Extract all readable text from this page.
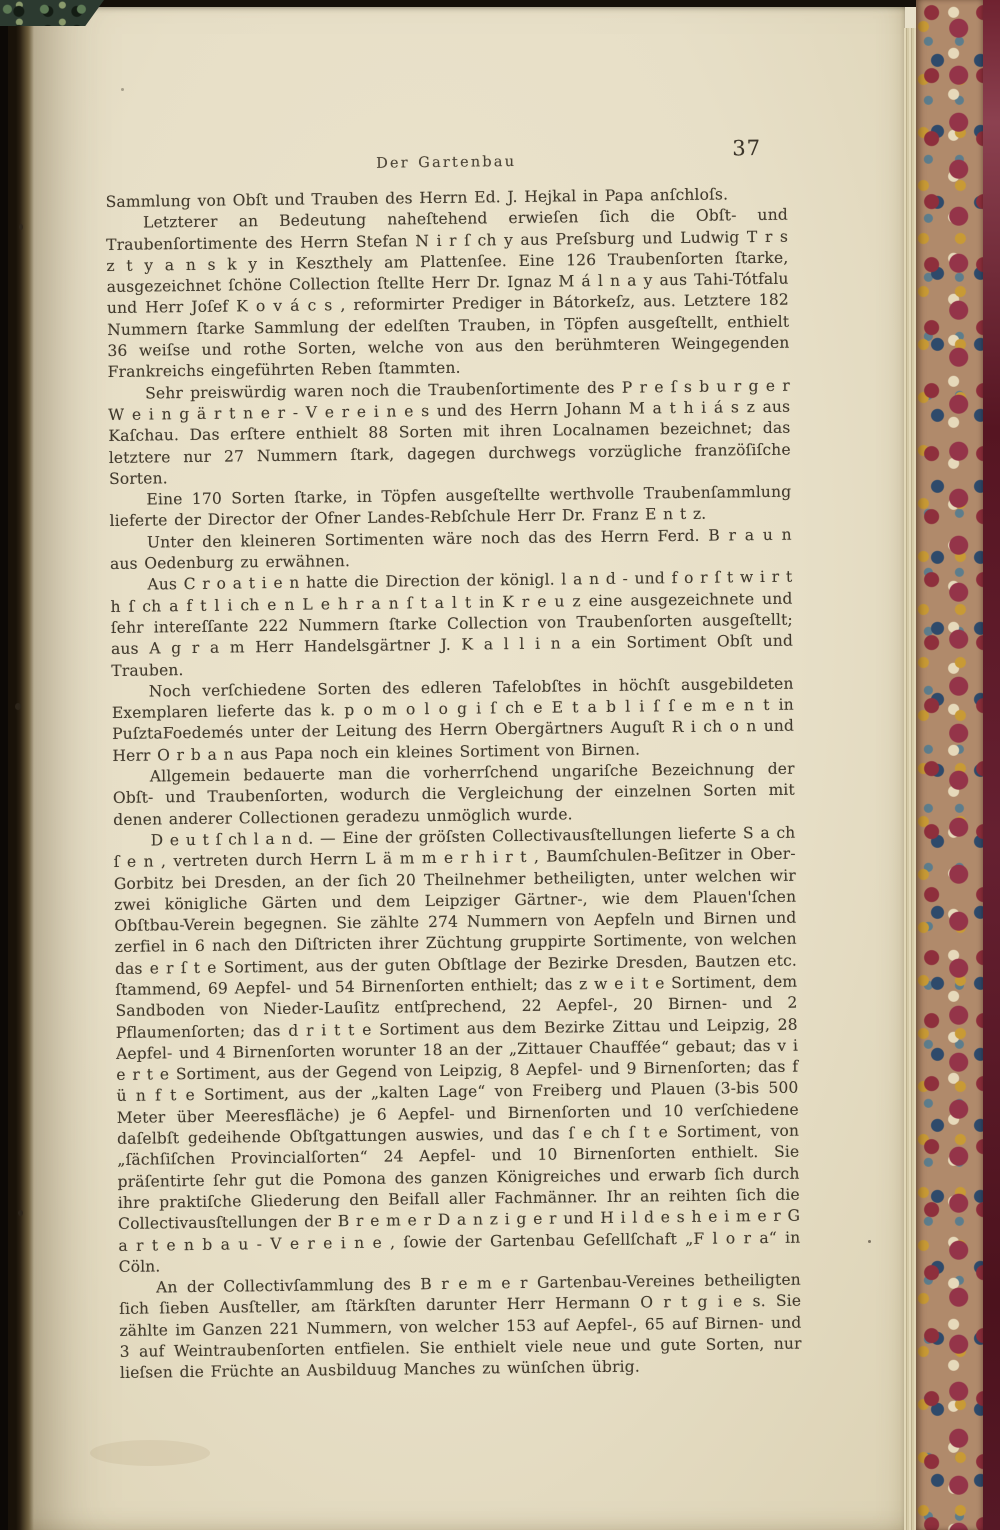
Der Gartenbau
37

Sammlung von Obſt und Trauben des Herrn Ed. J. Hejkal in Papa anſchloſs.

Letzterer an Bedeutung naheſtehend erwieſen ſich die Obſt- und Traubenſortimente des Herrn Stefan N i r ſ ch y aus Preſsburg und Ludwig T r s z t y a n s k y in Keszthely am Plattenſee. Eine 126 Traubenſorten ſtarke, ausgezeichnet ſchöne Collection ſtellte Herr Dr. Ignaz M á l n a y aus Tahi-Tótfalu und Herr Joſef K o v á c s , reformirter Prediger in Bátorkeſz, aus. Letztere 182 Nummern ſtarke Sammlung der edelſten Trauben, in Töpfen ausgeſtellt, enthielt 36 weiſse und rothe Sorten, welche von aus den berühmteren Weingegenden Frankreichs eingeführten Reben ſtammten.

Sehr preiswürdig waren noch die Traubenſortimente des P r e ſ s b u r g e r W e i n g ä r t n e r - V e r e i n e s und des Herrn Johann M a t h i á s z aus Kaſchau. Das erſtere enthielt 88 Sorten mit ihren Localnamen bezeichnet; das letztere nur 27 Nummern ſtark, dagegen durchwegs vorzügliche franzöſiſche Sorten.

Eine 170 Sorten ſtarke, in Töpfen ausgeſtellte werthvolle Traubenſammlung lieferte der Director der Ofner Landes-Rebſchule Herr Dr. Franz E n t z.

Unter den kleineren Sortimenten wäre noch das des Herrn Ferd. B r a u n aus Oedenburg zu erwähnen.

Aus C r o a t i e n hatte die Direction der königl. l a n d - und f o r ſ t w i r t h ſ ch a f t l i ch e n L e h r a n ſ t a l t in K r e u z eine ausgezeichnete und ſehr intereſſante 222 Nummern ſtarke Collection von Traubenſorten ausgeſtellt; aus A g r a m Herr Handelsgärtner J. K a l l i n a ein Sortiment Obſt und Trauben.

Noch verſchiedene Sorten des edleren Tafelobſtes in höchſt ausgebildeten Exemplaren lieferte das k. p o m o l o g i ſ ch e E t a b l i ſ ſ e m e n t in PuſztaFoedemés unter der Leitung des Herrn Obergärtners Auguſt R i ch o n und Herr O r b a n aus Papa noch ein kleines Sortiment von Birnen.

Allgemein bedauerte man die vorherrſchend ungariſche Bezeichnung der Obſt- und Traubenſorten, wodurch die Vergleichung der einzelnen Sorten mit denen anderer Collectionen geradezu unmöglich wurde.

D e u t ſ ch l a n d. — Eine der gröſsten Collectivausſtellungen lieferte S a ch ſ e n , vertreten durch Herrn L ä m m e r h i r t , Baumſchulen-Beſitzer in Ober-Gorbitz bei Dresden, an der ſich 20 Theilnehmer betheiligten, unter welchen wir zwei königliche Gärten und dem Leipziger Gärtner-, wie dem Plauen'ſchen Obſtbau-Verein begegnen. Sie zählte 274 Nummern von Aepfeln und Birnen und zerfiel in 6 nach den Diſtricten ihrer Züchtung gruppirte Sortimente, von welchen das e r ſ t e Sortiment, aus der guten Obſtlage der Bezirke Dresden, Bautzen etc. ſtammend, 69 Aepfel- und 54 Birnenſorten enthielt; das z w e i t e Sortiment, dem Sandboden von Nieder-Lauſitz entſprechend, 22 Aepfel-, 20 Birnen- und 2 Pflaumenſorten; das d r i t t e Sortiment aus dem Bezirke Zittau und Leipzig, 28 Aepfel- und 4 Birnenſorten worunter 18 an der „Zittauer Chauffée“ gebaut; das v i e r t e Sortiment, aus der Gegend von Leipzig, 8 Aepfel- und 9 Birnenſorten; das f ü n f t e Sortiment, aus der „kalten Lage“ von Freiberg und Plauen (3-bis 500 Meter über Meeresfläche) je 6 Aepfel- und Birnenſorten und 10 verſchiedene daſelbſt gedeihende Obſtgattungen auswies, und das ſ e ch ſ t e Sortiment, von „ſächſiſchen Provincialſorten“ 24 Aepfel- und 10 Birnenſorten enthielt. Sie präſentirte ſehr gut die Pomona des ganzen Königreiches und erwarb ſich durch ihre praktiſche Gliederung den Beifall aller Fachmänner. Ihr an reihten ſich die Collectivausſtellungen der B r e m e r D a n z i g e r und H i l d e s h e i m e r G a r t e n b a u - V e r e i n e , ſowie der Gartenbau Geſellſchaft „F l o r a“ in Cöln.

An der Collectivſammlung des B r e m e r Gartenbau-Vereines betheiligten ſich ſieben Ausſteller, am ſtärkſten darunter Herr Hermann O r t g i e s. Sie zählte im Ganzen 221 Nummern, von welcher 153 auf Aepfel-, 65 auf Birnen- und 3 auf Weintraubenſorten entfielen. Sie enthielt viele neue und gute Sorten, nur lieſsen die Früchte an Ausbilduug Manches zu wünſchen übrig.
